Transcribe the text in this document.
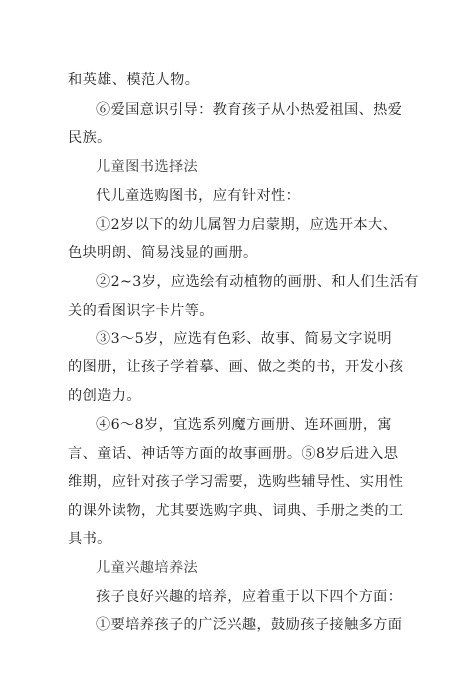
和英雄、模范人物。
⑥爱国意识引导：教育孩子从小热爱祖国、热爱
民族。
儿童图书选择法
代儿童选购图书，应有针对性：
①2岁以下的幼儿属智力启蒙期，应选开本大、
色块明朗、简易浅显的画册。
②2~3岁，应选绘有动植物的画册、和人们生活有
关的看图识字卡片等。
③3～5岁，应选有色彩、故事、简易文字说明
的图册，让孩子学着摹、画、做之类的书，开发小孩
的创造力。
④6～8岁，宜选系列魔方画册、连环画册，寓
言、童话、神话等方面的故事画册。⑤8岁后进入思
维期，应针对孩子学习需要，选购些辅导性、实用性
的课外读物，尤其要选购字典、词典、手册之类的工
具书。
儿童兴趣培养法
孩子良好兴趣的培养，应着重于以下四个方面：
①要培养孩子的广泛兴趣，鼓励孩子接触多方面
